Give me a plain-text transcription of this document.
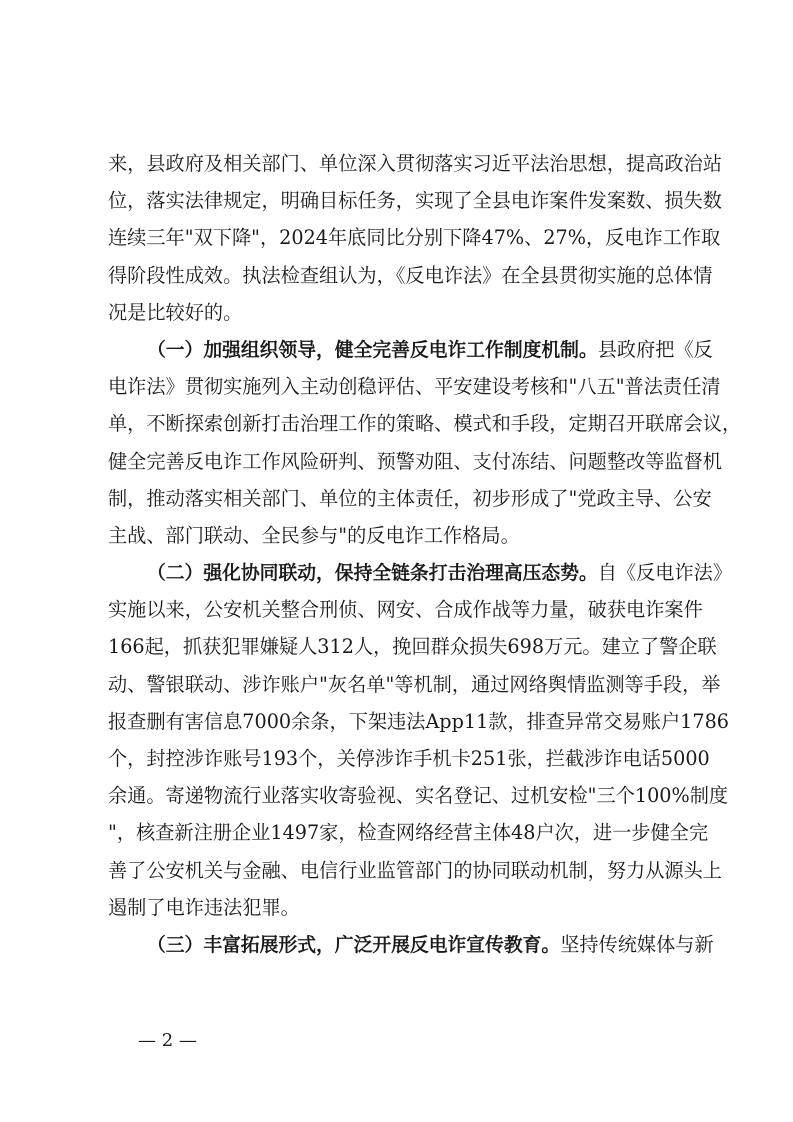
来，县政府及相关部门、单位深入贯彻落实习近平法治思想，提高政治站
位，落实法律规定，明确目标任务，实现了全县电诈案件发案数、损失数
连续三年"双下降"，2024年底同比分别下降47%、27%，反电诈工作取
得阶段性成效。执法检查组认为，《反电诈法》在全县贯彻实施的总体情
况是比较好的。
（一）加强组织领导，健全完善反电诈工作制度机制。县政府把《反
电诈法》贯彻实施列入主动创稳评估、平安建设考核和"八五"普法责任清
单，不断探索创新打击治理工作的策略、模式和手段，定期召开联席会议，
健全完善反电诈工作风险研判、预警劝阻、支付冻结、问题整改等监督机
制，推动落实相关部门、单位的主体责任，初步形成了"党政主导、公安
主战、部门联动、全民参与"的反电诈工作格局。
（二）强化协同联动，保持全链条打击治理高压态势。自《反电诈法》
实施以来，公安机关整合刑侦、网安、合成作战等力量，破获电诈案件
166起，抓获犯罪嫌疑人312人，挽回群众损失698万元。建立了警企联
动、警银联动、涉诈账户"灰名单"等机制，通过网络舆情监测等手段，举
报查删有害信息7000余条，下架违法App11款，排查异常交易账户1786
个，封控涉诈账号193个，关停涉诈手机卡251张，拦截涉诈电话5000
余通。寄递物流行业落实收寄验视、实名登记、过机安检"三个100%制度
"，核查新注册企业1497家，检查网络经营主体48户次，进一步健全完
善了公安机关与金融、电信行业监管部门的协同联动机制，努力从源头上
遏制了电诈违法犯罪。
（三）丰富拓展形式，广泛开展反电诈宣传教育。坚持传统媒体与新
— 2 —
